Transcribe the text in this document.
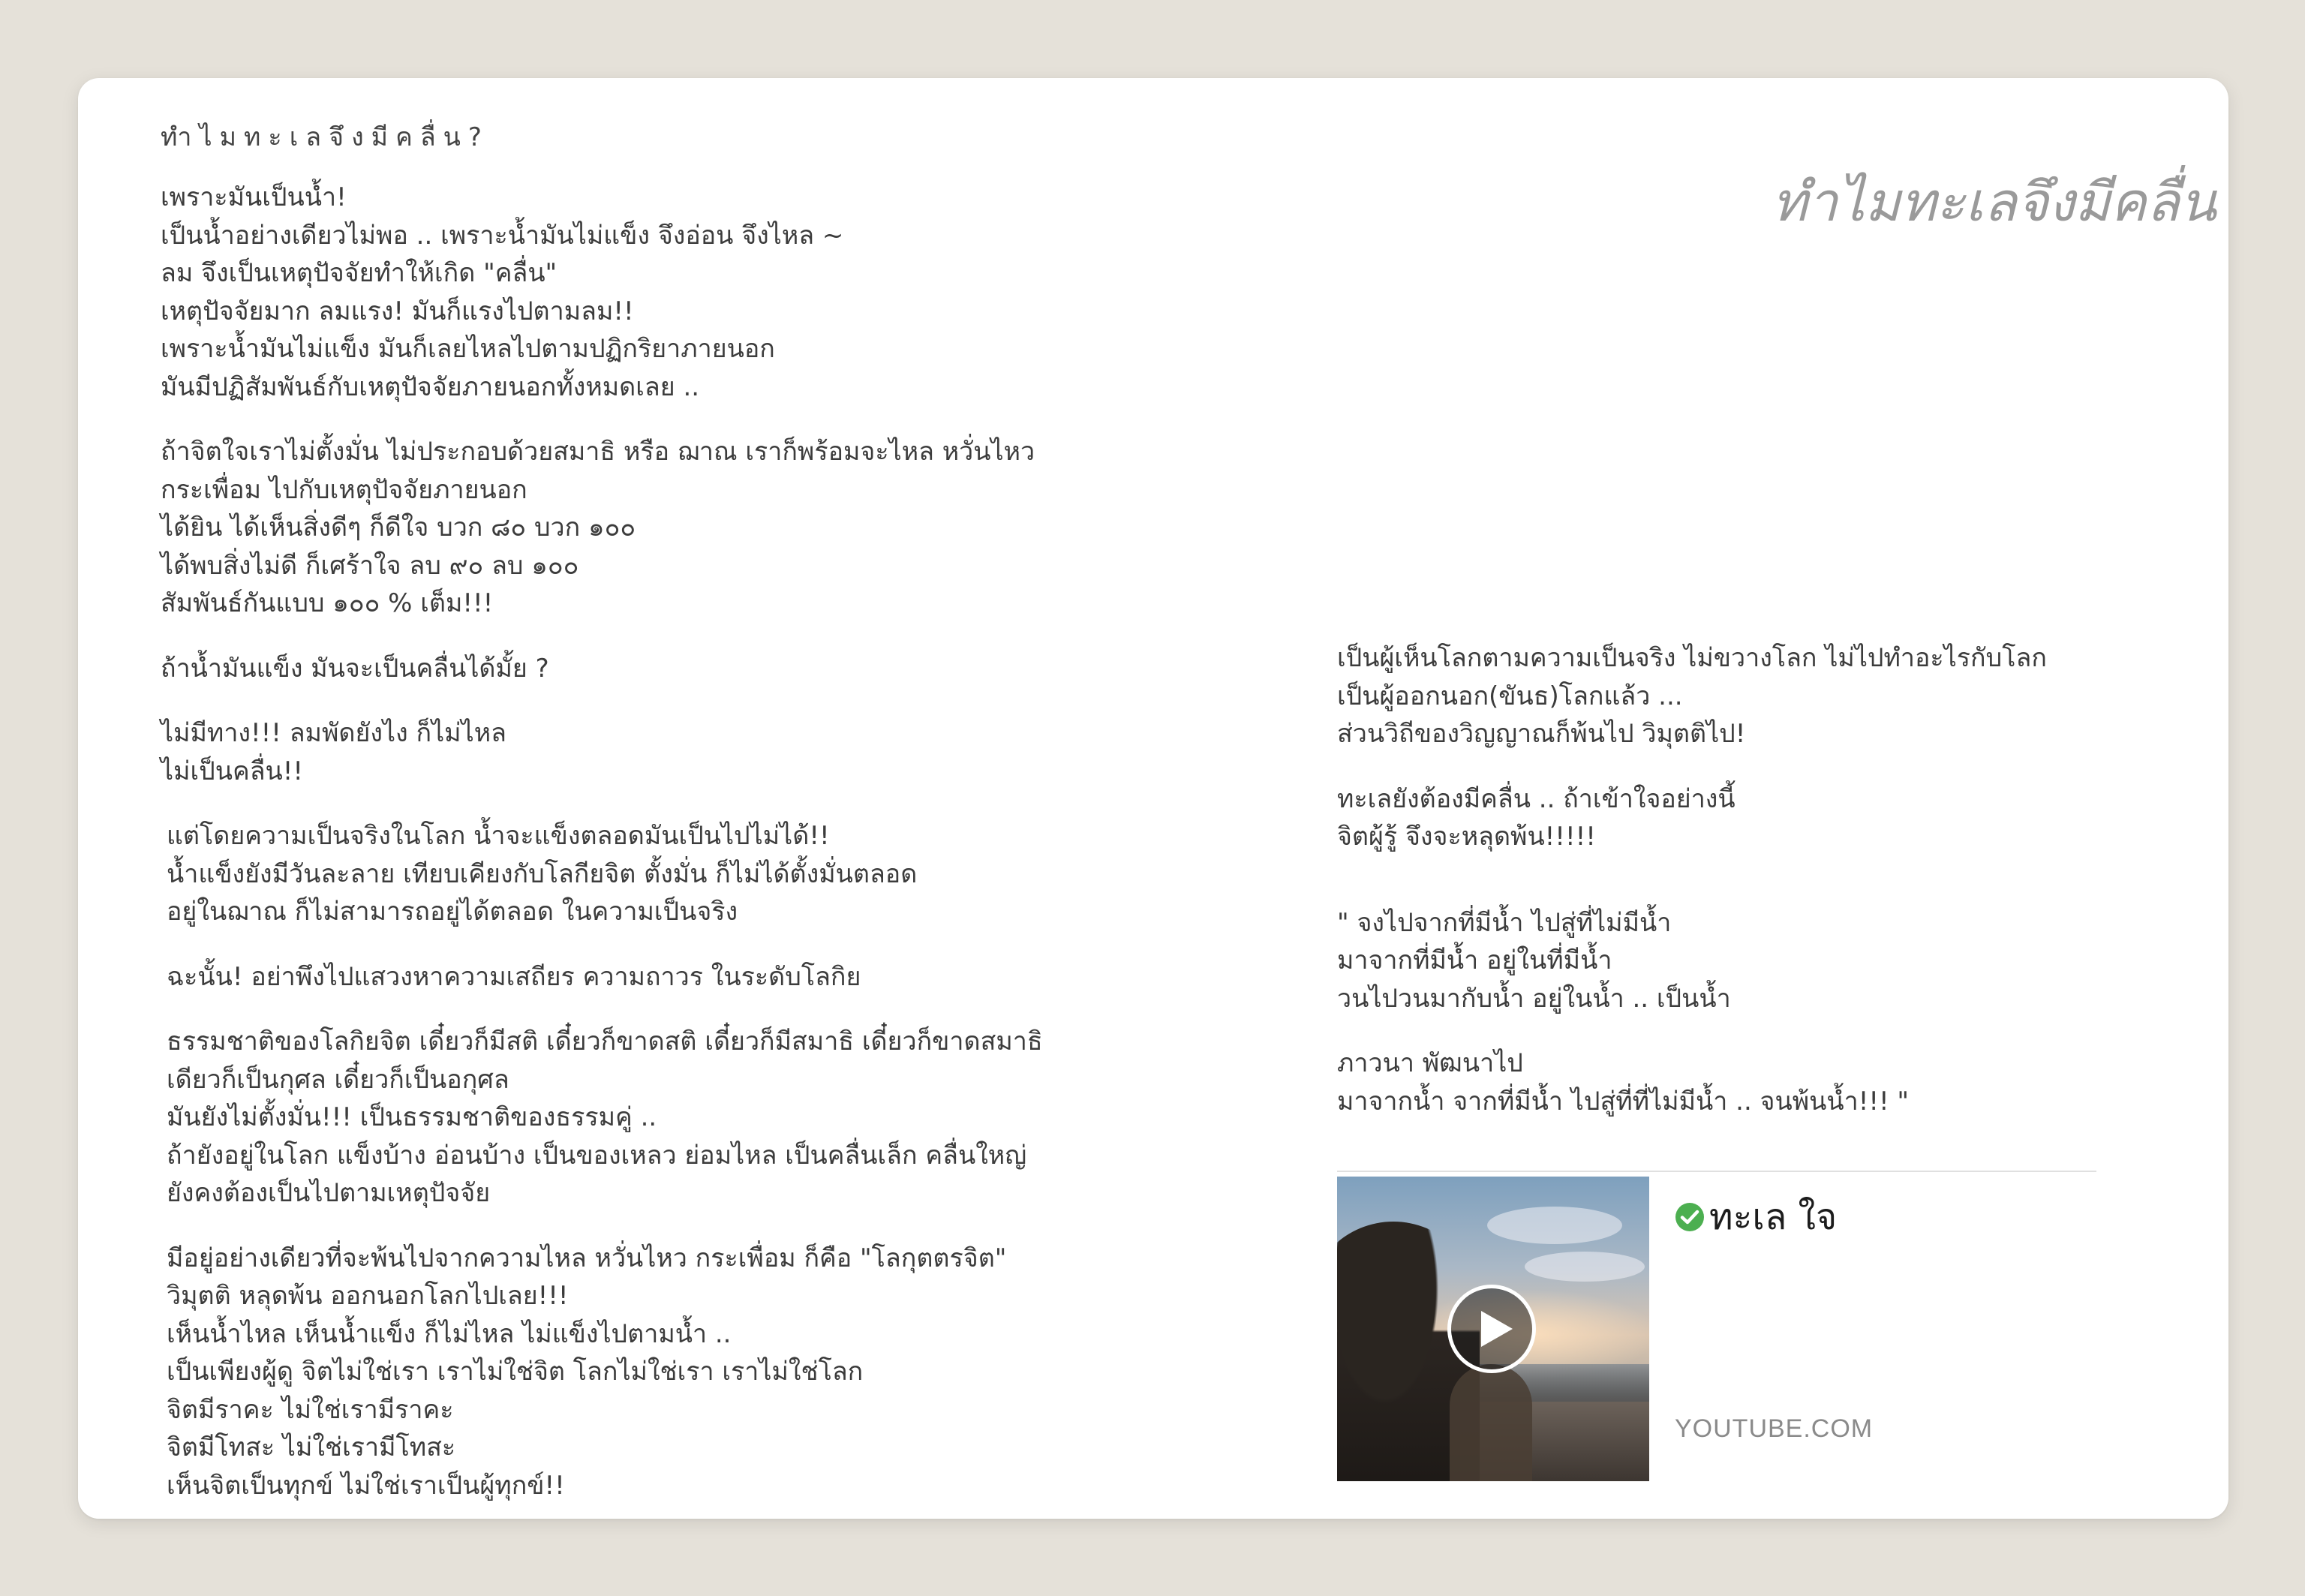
ทำไมทะเลจึงมีคลื่น?
เพราะมันเป็นน้ำ!
เป็นน้ำอย่างเดียวไม่พอ .. เพราะน้ำมันไม่แข็ง จึงอ่อน จึงไหล ~
ลม จึงเป็นเหตุปัจจัยทำให้เกิด "คลื่น"
เหตุปัจจัยมาก ลมแรง! มันก็แรงไปตามลม!!
เพราะน้ำมันไม่แข็ง มันก็เลยไหลไปตามปฏิกริยาภายนอก
มันมีปฏิสัมพันธ์กับเหตุปัจจัยภายนอกทั้งหมดเลย ..
ถ้าจิตใจเราไม่ตั้งมั่น ไม่ประกอบด้วยสมาธิ หรือ ฌาณ เราก็พร้อมจะไหล หวั่นไหว
กระเพื่อม ไปกับเหตุปัจจัยภายนอก
ได้ยิน ได้เห็นสิ่งดีๆ ก็ดีใจ บวก ๘๐ บวก ๑๐๐
ได้พบสิ่งไม่ดี ก็เศร้าใจ ลบ ๙๐ ลบ ๑๐๐
สัมพันธ์กันแบบ ๑๐๐ % เต็ม!!!
ถ้าน้ำมันแข็ง มันจะเป็นคลื่นได้มั้ย ?
ไม่มีทาง!!! ลมพัดยังไง ก็ไม่ไหล
ไม่เป็นคลื่น!!
แต่โดยความเป็นจริงในโลก น้ำจะแข็งตลอดมันเป็นไปไม่ได้!!
น้ำแข็งยังมีวันละลาย เทียบเคียงกับโลกียจิต ตั้งมั่น ก็ไม่ได้ตั้งมั่นตลอด
อยู่ในฌาณ ก็ไม่สามารถอยู่ได้ตลอด ในความเป็นจริง
ฉะนั้น! อย่าพึงไปแสวงหาความเสถียร ความถาวร ในระดับโลกิย
ธรรมชาติของโลกิยจิต เดี๋ยวก็มีสติ เดี๋ยวก็ขาดสติ เดี๋ยวก็มีสมาธิ เดี๋ยวก็ขาดสมาธิ
เดียวก็เป็นกุศล เดี๋ยวก็เป็นอกุศล
มันยังไม่ตั้งมั่น!!! เป็นธรรมชาติของธรรมคู่ ..
ถ้ายังอยู่ในโลก แข็งบ้าง อ่อนบ้าง เป็นของเหลว ย่อมไหล เป็นคลื่นเล็ก คลื่นใหญ่
ยังคงต้องเป็นไปตามเหตุปัจจัย
มีอยู่อย่างเดียวที่จะพ้นไปจากความไหล หวั่นไหว กระเพื่อม ก็คือ "โลกุตตรจิต"
วิมุตติ หลุดพ้น ออกนอกโลกไปเลย!!!
เห็นน้ำไหล เห็นน้ำแข็ง ก็ไม่ไหล ไม่แข็งไปตามน้ำ ..
เป็นเพียงผู้ดู จิตไม่ใช่เรา เราไม่ใช่จิต โลกไม่ใช่เรา เราไม่ใช่โลก
จิตมีราคะ ไม่ใช่เรามีราคะ
จิตมีโทสะ ไม่ใช่เรามีโทสะ
เห็นจิตเป็นทุกข์ ไม่ใช่เราเป็นผู้ทุกข์!!
ทำไมทะเลจึงมีคลื่น
เป็นผู้เห็นโลกตามความเป็นจริง ไม่ขวางโลก ไม่ไปทำอะไรกับโลก
เป็นผู้ออกนอก(ขันธ)โลกแล้ว ...
ส่วนวิถีของวิญญาณก็พ้นไป วิมุตติไป!
ทะเลยังต้องมีคลื่น .. ถ้าเข้าใจอย่างนี้
จิตผู้รู้ จึงจะหลุดพ้น!!!!!
" จงไปจากที่มีน้ำ ไปสู่ที่ไม่มีน้ำ
มาจากที่มีน้ำ อยู่ในที่มีน้ำ
วนไปวนมากับน้ำ อยู่ในน้ำ .. เป็นน้ำ
ภาวนา พัฒนาไป
มาจากน้ำ จากที่มีน้ำ ไปสู่ที่ที่ไม่มีน้ำ .. จนพ้นน้ำ!!! "
ทะเล ใจ
YOUTUBE.COM
